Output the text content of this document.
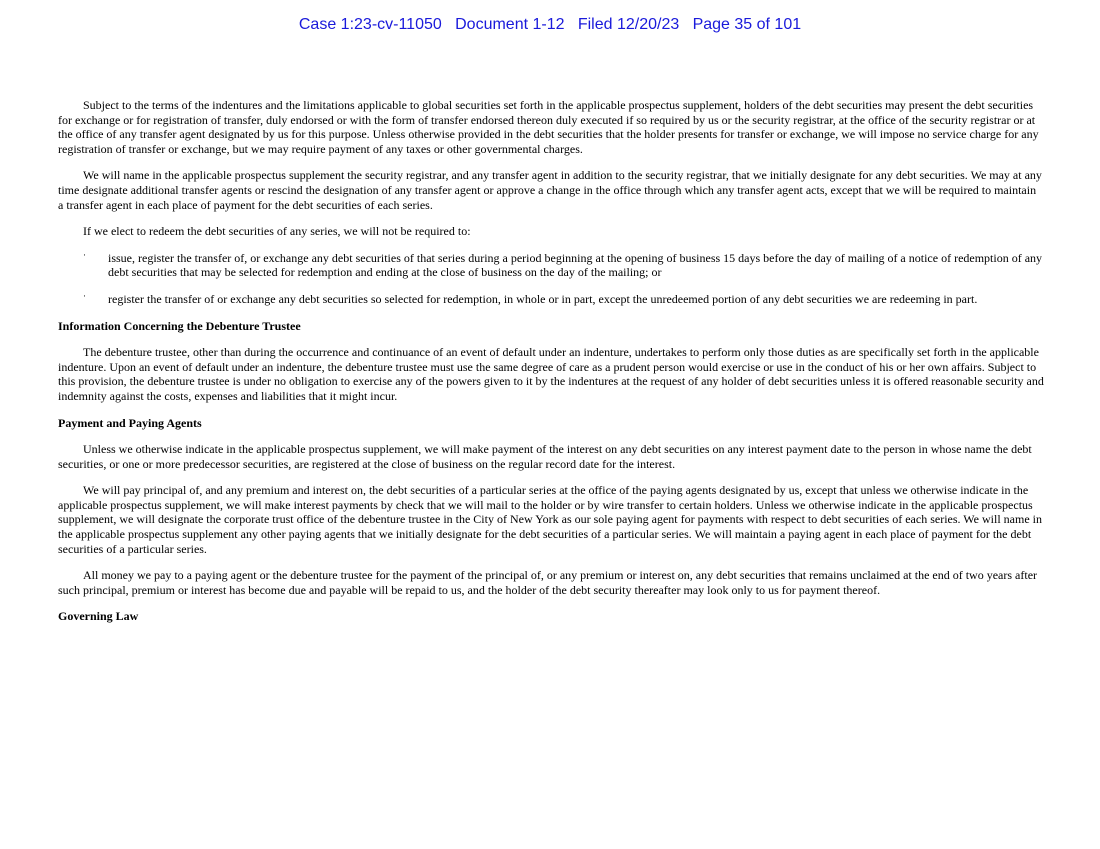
Case 1:23-cv-11050   Document 1-12   Filed 12/20/23   Page 35 of 101

Subject to the terms of the indentures and the limitations applicable to global securities set forth in the applicable prospectus supplement, holders of the debt securities may present the debt securities for exchange or for registration of transfer, duly endorsed or with the form of transfer endorsed thereon duly executed if so required by us or the security registrar, at the office of the security registrar or at the office of any transfer agent designated by us for this purpose. Unless otherwise provided in the debt securities that the holder presents for transfer or exchange, we will impose no service charge for any registration of transfer or exchange, but we may require payment of any taxes or other governmental charges.

We will name in the applicable prospectus supplement the security registrar, and any transfer agent in addition to the security registrar, that we initially designate for any debt securities. We may at any time designate additional transfer agents or rescind the designation of any transfer agent or approve a change in the office through which any transfer agent acts, except that we will be required to maintain a transfer agent in each place of payment for the debt securities of each series.

If we elect to redeem the debt securities of any series, we will not be required to:

· issue, register the transfer of, or exchange any debt securities of that series during a period beginning at the opening of business 15 days before the day of mailing of a notice of redemption of any debt securities that may be selected for redemption and ending at the close of business on the day of the mailing; or
· register the transfer of or exchange any debt securities so selected for redemption, in whole or in part, except the unredeemed portion of any debt securities we are redeeming in part.
Information Concerning the Debenture Trustee

The debenture trustee, other than during the occurrence and continuance of an event of default under an indenture, undertakes to perform only those duties as are specifically set forth in the applicable indenture. Upon an event of default under an indenture, the debenture trustee must use the same degree of care as a prudent person would exercise or use in the conduct of his or her own affairs. Subject to this provision, the debenture trustee is under no obligation to exercise any of the powers given to it by the indentures at the request of any holder of debt securities unless it is offered reasonable security and indemnity against the costs, expenses and liabilities that it might incur.

Payment and Paying Agents

Unless we otherwise indicate in the applicable prospectus supplement, we will make payment of the interest on any debt securities on any interest payment date to the person in whose name the debt securities, or one or more predecessor securities, are registered at the close of business on the regular record date for the interest.

We will pay principal of, and any premium and interest on, the debt securities of a particular series at the office of the paying agents designated by us, except that unless we otherwise indicate in the applicable prospectus supplement, we will make interest payments by check that we will mail to the holder or by wire transfer to certain holders. Unless we otherwise indicate in the applicable prospectus supplement, we will designate the corporate trust office of the debenture trustee in the City of New York as our sole paying agent for payments with respect to debt securities of each series. We will name in the applicable prospectus supplement any other paying agents that we initially designate for the debt securities of a particular series. We will maintain a paying agent in each place of payment for the debt securities of a particular series.

All money we pay to a paying agent or the debenture trustee for the payment of the principal of, or any premium or interest on, any debt securities that remains unclaimed at the end of two years after such principal, premium or interest has become due and payable will be repaid to us, and the holder of the debt security thereafter may look only to us for payment thereof.

Governing Law
